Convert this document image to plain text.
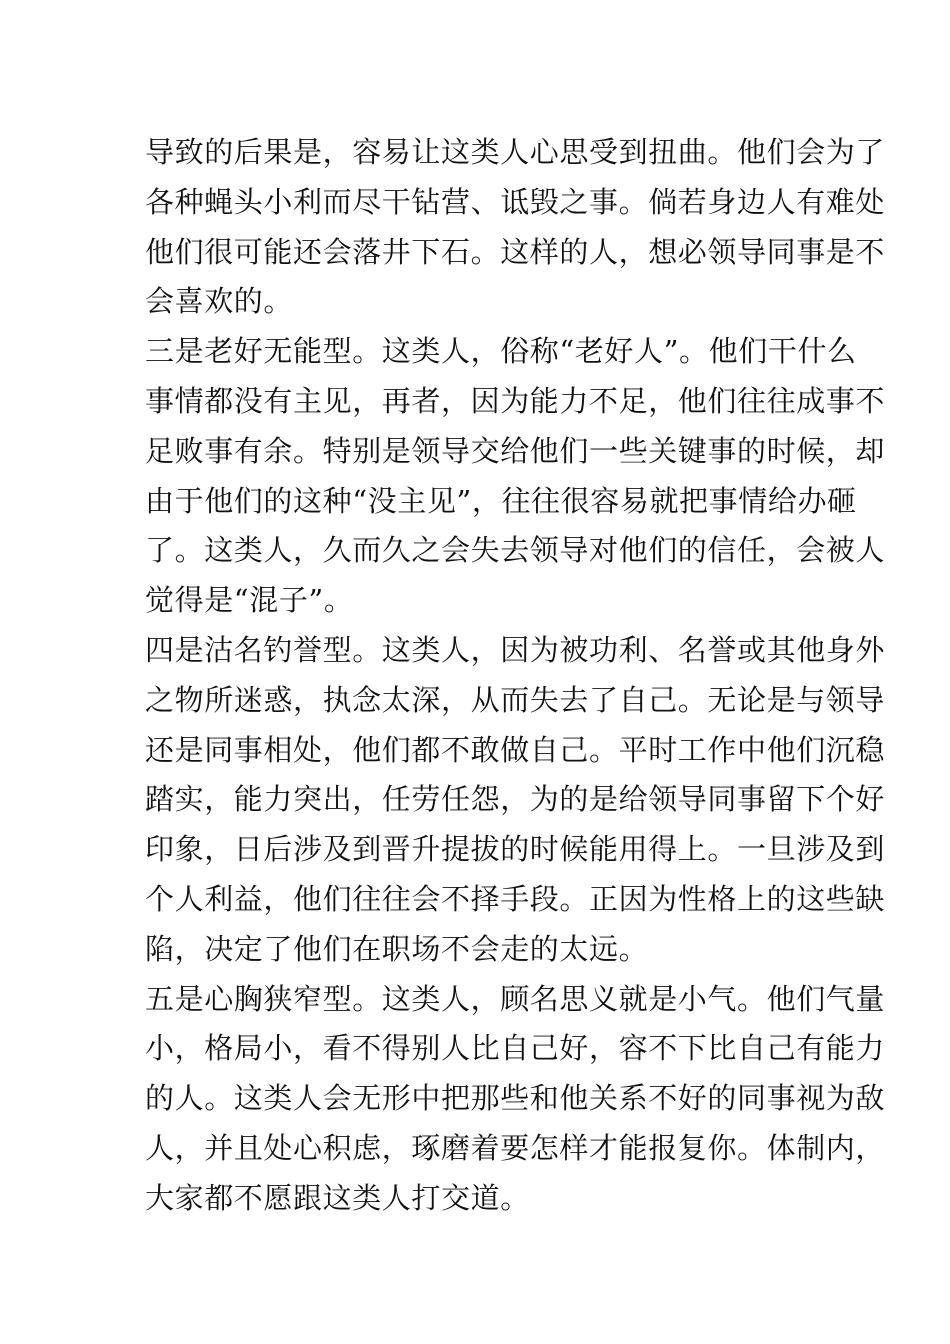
导致的后果是，容易让这类人心思受到扭曲。他们会为了
各种蝇头小利而尽干钻营、诋毁之事。倘若身边人有难处
他们很可能还会落井下石。这样的人，想必领导同事是不
会喜欢的。
三是老好无能型。这类人，俗称“老好人”。他们干什么
事情都没有主见，再者，因为能力不足，他们往往成事不
足败事有余。特别是领导交给他们一些关键事的时候，却
由于他们的这种“没主见”，往往很容易就把事情给办砸
了。这类人，久而久之会失去领导对他们的信任，会被人
觉得是“混子”。
四是沽名钓誉型。这类人，因为被功利、名誉或其他身外
之物所迷惑，执念太深，从而失去了自己。无论是与领导
还是同事相处，他们都不敢做自己。平时工作中他们沉稳
踏实，能力突出，任劳任怨，为的是给领导同事留下个好
印象，日后涉及到晋升提拔的时候能用得上。一旦涉及到
个人利益，他们往往会不择手段。正因为性格上的这些缺
陷，决定了他们在职场不会走的太远。
五是心胸狭窄型。这类人，顾名思义就是小气。他们气量
小，格局小，看不得别人比自己好，容不下比自己有能力
的人。这类人会无形中把那些和他关系不好的同事视为敌
人，并且处心积虑，琢磨着要怎样才能报复你。体制内，
大家都不愿跟这类人打交道。
